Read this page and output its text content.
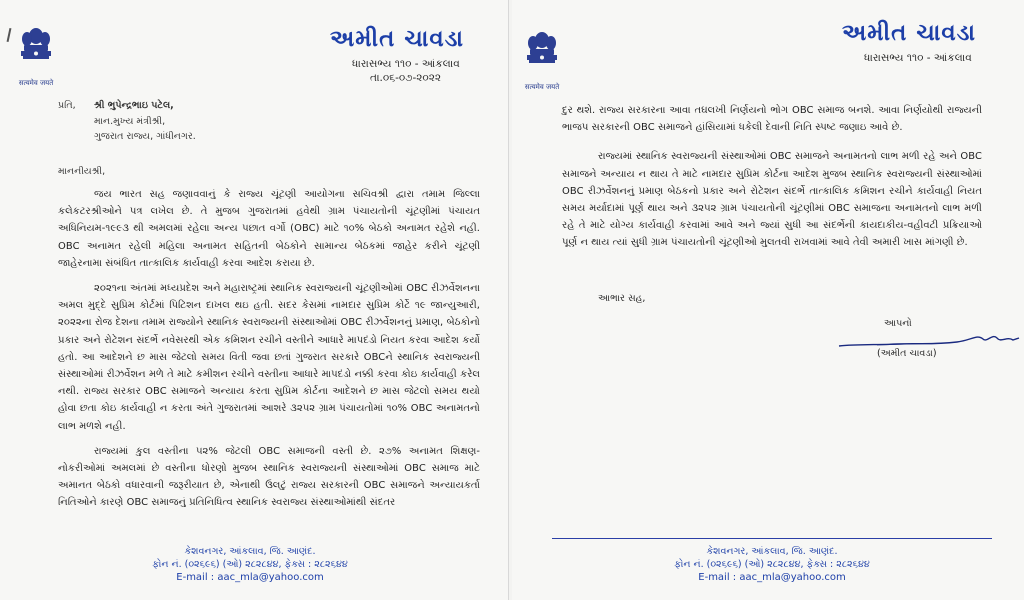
सत्यमेव जयते
અમીત ચાવડા
ધારાસભ્ય ૧૧૦ - આંકલાવ
તા.૦૬-૦૭-૨૦૨૨
પ્રતિ, શ્રી ભુપેન્દ્રભાઇ પટેલ,
માન.મુખ્ય મંત્રીશ્રી,
ગુજરાત રાજ્ય, ગાંધીનગર.
માનનીયશ્રી,

જય ભારત સહ જણાવવાનું કે રાજ્ય ચૂંટણી આયોગના સચિવશ્રી દ્વારા તમામ જિલ્લા કલેકટરશ્રીઓને પત્ર લખેલ છે. તે મુજબ ગુજરાતમાં હવેથી ગ્રામ પંચાયતોની ચૂંટણીમાં પંચાયત અધિનિયમ-૧૯૯૩ થી અમલમાં રહેલા અન્ય પછાત વર્ગો (OBC) માટે ૧૦% બેઠકો અનામત રહેશે નહી. OBC અનામત રહેલી મહિલા અનામત સહિતની બેઠકોને સામાન્ય બેઠકમાં જાહેર કરીને ચૂંટણી જાહેરનામા સંબંધિત તાત્કાલિક કાર્યવાહી કરવા આદેશ કરાયા છે.

૨૦૨૧ના અંતમાં મધ્યપ્રદેશ અને મહારાષ્ટ્રમાં સ્થાનિક સ્વરાજ્યની ચૂંટણીઓમાં OBC રીઝર્વેશનના અમલ મુદ્દે સુપ્રિમ કોર્ટમાં પિટિશન દાખલ થઇ હતી. સદર કેસમાં નામદાર સુપ્રિમ કોર્ટે ૧૯ જાન્યુઆરી, ૨૦૨૨ના રોજ દેશના તમામ રાજ્યોને સ્થાનિક સ્વરાજ્યની સંસ્થાઓમાં OBC રીઝર્વેશનનું પ્રમાણ, બેઠકોનો પ્રકાર અને રોટેશન સંદર્ભે નવેસરથી એક કમિશન રચીને વસ્તીને આધારે માપદંડો નિયત કરવા આદેશ કર્યો હતો. આ આદેશને છ માસ જેટલો સમય વિતી જવા છતાં ગુજરાત સરકારે OBCને સ્થાનિક સ્વરાજ્યની સંસ્થાઓમાં રીઝર્વેશન મળે તે માટે કમીશન રચીને વસ્તીના આધારે માપદંડો નક્કી કરવા કોઇ કાર્યવાહી કરેલ નથી. રાજ્ય સરકાર OBC સમાજને અન્યાય કરતા સુપ્રિમ કોર્ટના આદેશને છ માસ જેટલો સમય થયો હોવા છતા કોઇ કાર્યવાહી ન કરતા અંતે ગુજરાતમાં આશરે ૩૨૫૨ ગ્રામ પંચાયતોમાં ૧૦% OBC અનામતનો લાભ મળશે નહી.

રાજ્યમાં કુલ વસ્તીના ૫૨% જેટલી OBC સમાજની વસ્તી છે. ૨૭% અનામત શિક્ષણ-નોકરીઓમાં અમલમાં છે વસ્તીના ધોરણો મુજબ સ્થાનિક સ્વરાજ્યની સંસ્થાઓમાં OBC સમાજ માટે અમાનત બેઠકો વધારવાની જરૂરીયાત છે, એનાથી ઉલટું રાજ્ય સરકારની OBC સમાજને અન્યાયકર્તા નિતિઓને કારણે OBC સમાજનું પ્રતિનિધિત્વ સ્થાનિક સ્વરાજ્ય સંસ્થાઓમાંથી સંદતર

કેશવનગર, આંકલાવ, જિ. આણંદ.
ફોન નં. (૦૨૬૯૬) (ઓ) ૨૮૨૮૪૪, ફેક્સ : ૨૮૨૬૪૪
E-mail : aac_mla@yahoo.com
सत्यमेव जयते
અમીત ચાવડા
ધારાસભ્ય ૧૧૦ - આંકલાવ

દુર થશે. રાજ્ય સરકારના આવા તઘલખી નિર્ણયનો ભોગ OBC સમાજ બનશે. આવા નિર્ણયોથી રાજ્યની ભાજપ સરકારની OBC સમાજને હાંસિયામાં ધકેલી દેવાની નિતિ સ્પષ્ટ જણાઇ આવે છે.

રાજ્યમાં સ્થાનિક સ્વરાજ્યની સંસ્થાઓમાં OBC સમાજને અનામતનો લાભ મળી રહે અને OBC સમાજને અન્યાય ન થાય તે માટે નામદાર સુપ્રિમ કોર્ટના આદેશ મુજબ સ્થાનિક સ્વરાજ્યની સંસ્થાઓમાં OBC રીઝર્વેશનનું પ્રમાણ બેઠકનો પ્રકાર અને રોટેશન સંદર્ભે તાત્કાલિક કમિશન રચીને કાર્યવાહી નિયત સમય મર્યાદામાં પૂર્ણ થાય અને ૩૨૫૨ ગ્રામ પંચાયતોની ચૂંટણીમાં OBC સમાજના અનામતનો લાભ મળી રહે તે માટે યોગ્ય કાર્યવાહી કરવામાં આવે અને જ્યાં સુધી આ સંદર્ભેની કાયદાકીય-વહીવટી પ્રક્રિયાઓ પૂર્ણ ન થાય ત્યાં સુધી ગ્રામ પંચાયતોની ચૂંટણીઓ મુલતવી રાખવામાં આવે તેવી અમારી ખાસ માંગણી છે.

આભાર સહ,
આપનો
(અમીત ચાવડા)
કેશવનગર, આંકલાવ, જિ. આણંદ.
ફોન નં. (૦૨૬૯૬) (ઓ) ૨૮૨૮૪૪, ફેક્સ : ૨૮૨૬૪૪
E-mail : aac_mla@yahoo.com
